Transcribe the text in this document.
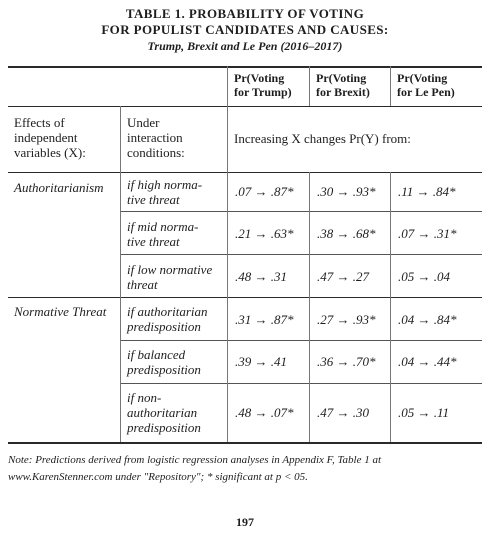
TABLE 1. PROBABILITY OF VOTING
FOR POPULIST CANDIDATES AND CAUSES:
Trump, Brexit and Le Pen (2016–2017)
Pr(Voting
for Trump)
Pr(Voting
for Brexit)
Pr(Voting
for Le Pen)
Effects of
independent
variables (X):
Under
interaction
conditions:
Increasing X changes Pr(Y) from:
Authoritarianism
Normative Threat
if high norma-
tive threat
if mid norma-
tive threat
if low normative
threat
if authoritarian
predisposition
if balanced
predisposition
if non-
authoritarian
predisposition
.07 → .87* .30 → .93* .11 → .84*
.21 → .63* .38 → .68* .07 → .31*
.48 → .31 .47 → .27 .05 → .04
.31 → .87* .27 → .93* .04 → .84*
.39 → .41 .36 → .70* .04 → .44*
.48 → .07* .47 → .30 .05 → .11
Note: Predictions derived from logistic regression analyses in Appendix F, Table 1 at
www.KarenStenner.com under "Repository"; * significant at p < 05.
197
